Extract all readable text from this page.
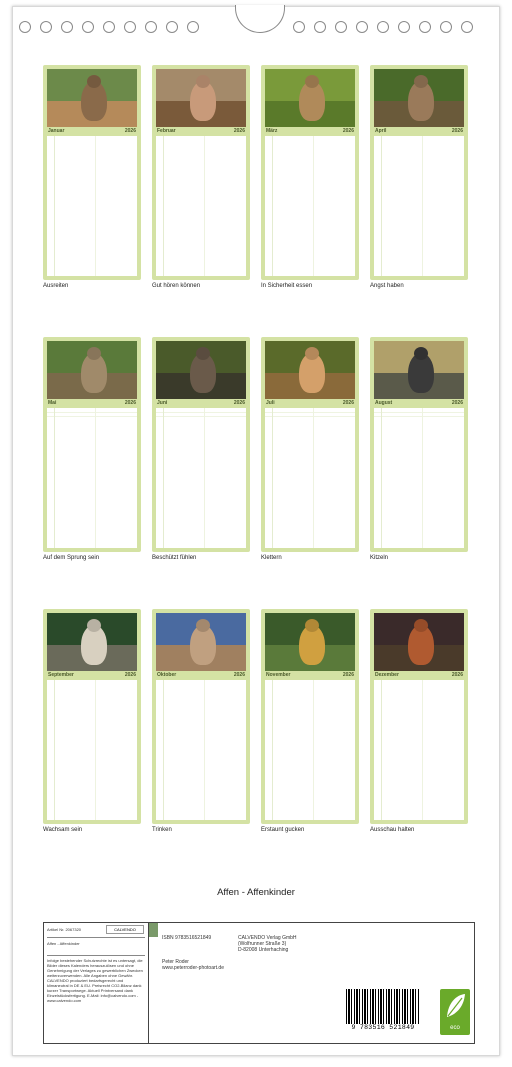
Januar	2026
Ausreiten
Februar	2026
Gut hören können
März	2026
In Sicherheit essen
April	2026
Angst haben
Mai	2026
Auf dem Sprung sein
Juni	2026
Beschützt fühlen
Juli	2026
Klettern
August	2026
Kitzeln
September	2026
Wachsam sein
Oktober	2026
Trinken
November	2026
Erstaunt gucken
Dezember	2026
Ausschau halten
Affen - Affenkinder
Artikel Nr. 2067320	CALVENDO
Affen - Affenkinder
Infolge bestehender Schutzrechte ist es untersagt, die Bilder dieses Kalenders herauszulösen und ohne Genehmigung der Verlages zu gewerblichen Zwecken weiterzuverwenden. Alle Angaben ohne Gewähr. CALVENDO produziert bedarfsgerecht und klimaneutral in DE & EU. Preisrecht CO2-Bilanz dank kurzer Transportwege. Aktuell Printversand dank Einzelstücksfertigung. E-Mail: info@calvendo.com - www.calvendo.com
ISBN 9783516521849
Peter Roder
www.peterroder-photoart.de
CALVENDO Verlag GmbH
(Wolfrunner Straße 3)
D-82008 Unterhaching
9 783516 521849	eco
